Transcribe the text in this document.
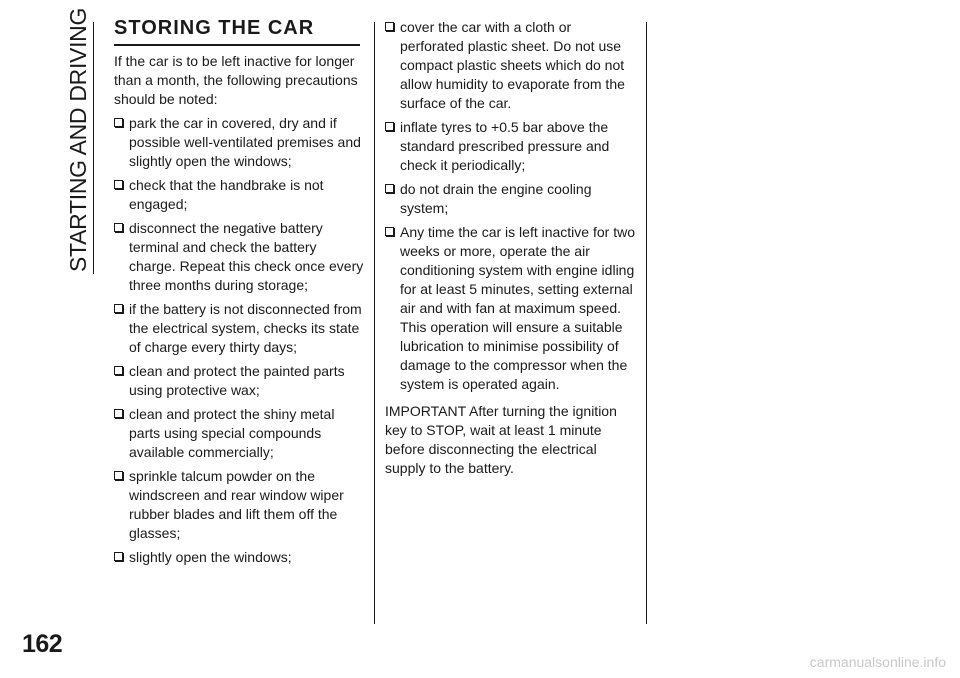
STARTING AND DRIVING
162
STORING THE CAR

If the car is to be left inactive for longer than a month, the following precautions should be noted:

park the car in covered, dry and if possible well-ventilated premises and slightly open the windows;
check that the handbrake is not engaged;
disconnect the negative battery terminal and check the battery charge. Repeat this check once every three months during storage;
if the battery is not disconnected from the electrical system, checks its state of charge every thirty days;
clean and protect the painted parts using protective wax;
clean and protect the shiny metal parts using special compounds available commercially;
sprinkle talcum powder on the windscreen and rear window wiper rubber blades and lift them off the glasses;
slightly open the windows;
cover the car with a cloth or perforated plastic sheet. Do not use compact plastic sheets which do not allow humidity to evaporate from the surface of the car.
inflate tyres to +0.5 bar above the standard prescribed pressure and check it periodically;
do not drain the engine cooling system;
Any time the car is left inactive for two weeks or more, operate the air conditioning system with engine idling for at least 5 minutes, setting external air and with fan at maximum speed. This operation will ensure a suitable lubrication to minimise possibility of damage to the compressor when the system is operated again.

IMPORTANT After turning the ignition key to STOP, wait at least 1 minute before disconnecting the electrical supply to the battery.

carmanualsonline.info
